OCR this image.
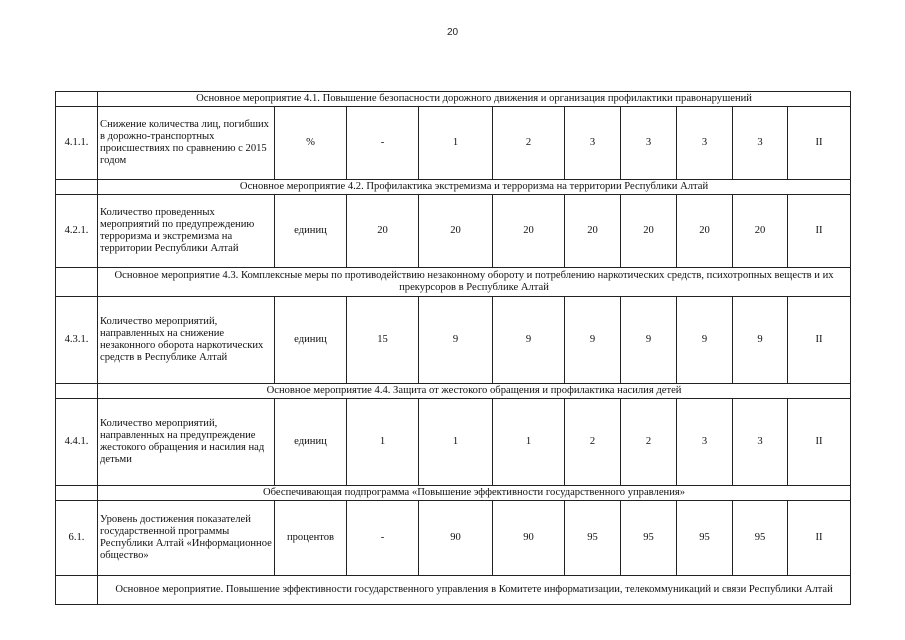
20
	Основное мероприятие 4.1. Повышение безопасности дорожного движения и организация профилактики правонарушений									
4.1.1.	Снижение количества лиц, погибших в дорожно-транспортных происшествиях по сравнению с 2015 годом	%	-	1	2	3	3	3	3	II
	Основное мероприятие 4.2. Профилактика экстремизма и терроризма на территории Республики Алтай									
4.2.1.	Количество проведенных мероприятий по предупреждению терроризма и экстремизма на территории Республики Алтай	единиц	20	20	20	20	20	20	20	II
	Основное мероприятие 4.3. Комплексные меры по противодействию незаконному обороту и потреблению наркотических средств, психотропных веществ и их прекурсоров в Республике Алтай									
4.3.1.	Количество мероприятий, направленных на снижение незаконного оборота наркотических средств в Республике Алтай	единиц	15	9	9	9	9	9	9	II
	Основное мероприятие 4.4. Защита от жестокого обращения и профилактика насилия детей									
4.4.1.	Количество мероприятий, направленных на предупреждение жестокого обращения и насилия над детьми	единиц	1	1	1	2	2	3	3	II
	Обеспечивающая подпрограмма «Повышение эффективности государственного управления»									
6.1.	Уровень достижения показателей государственной программы Республики Алтай «Информационное общество»	процентов	-	90	90	95	95	95	95	II
	Основное мероприятие. Повышение эффективности государственного управления в Комитете информатизации, телекоммуникаций и связи Республики Алтай									
